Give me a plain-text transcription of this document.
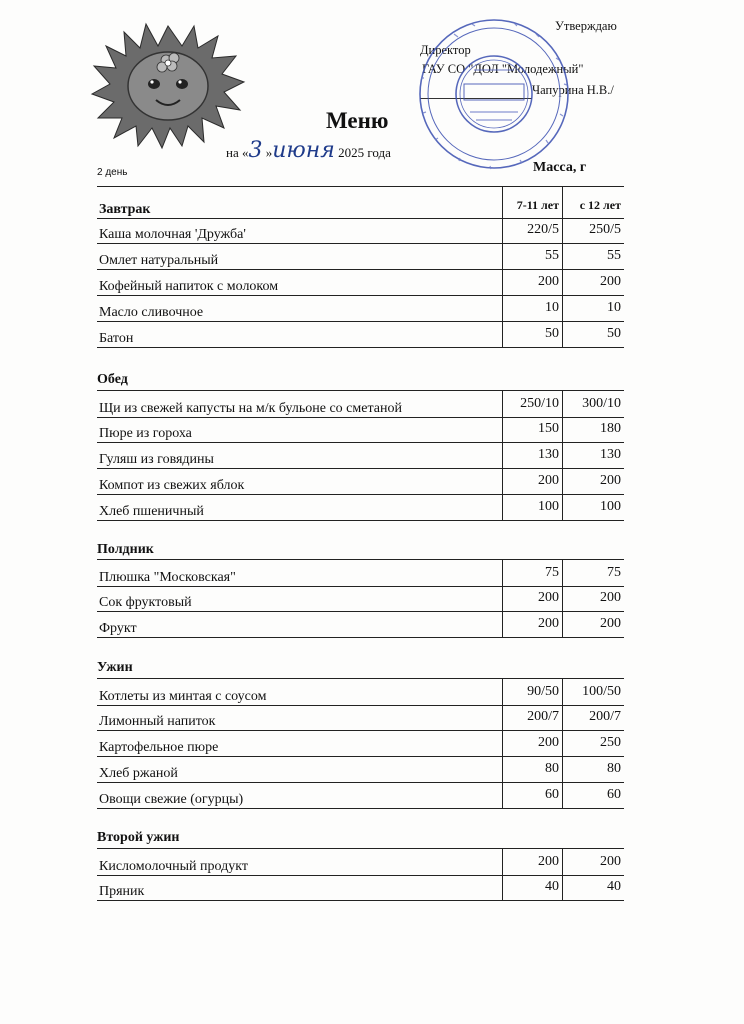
Утверждаю
Директор
ГАУ СО "ДОЛ "Молодежный"
Чапурина Н.В./
Меню
на «3 »июня 2025 года
2 день	Масса, г
Завтрак	7-11 лет	с 12 лет
Каша молочная 'Дружба'	220/5	250/5
Омлет натуральный	55	55
Кофейный напиток с молоком	200	200
Масло сливочное	10	10
Батон	50	50
Обед
Щи из свежей капусты на м/к бульоне со сметаной	250/10	300/10
Пюре из гороха	150	180
Гуляш из говядины	130	130
Компот из свежих яблок	200	200
Хлеб пшеничный	100	100
Полдник
Плюшка "Московская"	75	75
Сок фруктовый	200	200
Фрукт	200	200
Ужин
Котлеты из минтая с соусом	90/50	100/50
Лимонный напиток	200/7	200/7
Картофельное пюре	200	250
Хлеб ржаной	80	80
Овощи свежие (огурцы)	60	60
Второй ужин
Кисломолочный продукт	200	200
Пряник	40	40
